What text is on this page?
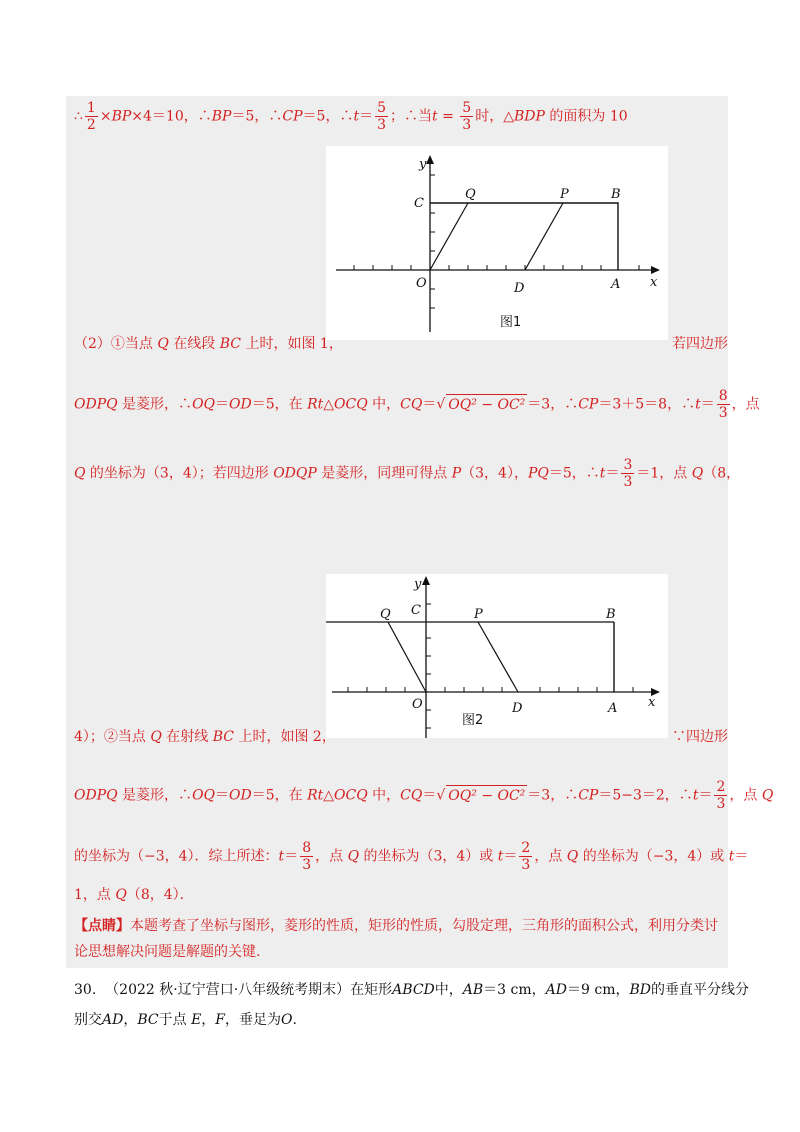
∴ $\frac{1}{2} \times BP\times 4=10$，∴BP＝5，∴CP＝5，∴t＝ $\frac{5}{3}$ ；∴当$t = \frac{5}{3}$ 时，△BDP 的面积为 10
y
x
C
Q	P	B
O	D	A
图1
（2）①当点 Q 在线段 BC 上时，如图 1，	若四边形
ODPQ 是菱形，∴OQ＝OD＝5，在 Rt△OCQ 中，CQ＝√ OQ² − OC² ＝3，∴CP＝3＋5＝8，∴t＝ $\frac{8}{3}$ ，点
Q 的坐标为（3，4）；若四边形 ODQP 是菱形，同理可得点 P（3，4），PQ＝5，∴t＝ $\frac{3}{3} =1$，点 Q（8，
y
x
C
Q	P	B
O	D	A
图2
4）；②当点 Q 在射线 BC 上时，如图 2，	∵四边形
ODPQ 是菱形，∴OQ＝OD＝5，在 Rt△OCQ 中，CQ＝√ OQ² − OC² ＝3，∴CP＝5−3＝2，∴t＝ $\frac{2}{3}$ ，点 Q
的坐标为（−3，4）．综上所述：$t= \frac{8}{3}$ ，点 Q 的坐标为（3，4）或 $t= \frac{2}{3}$ ，点 Q 的坐标为（−3，4）或 t＝
1，点 Q（8，4）．
【点睛】本题考查了坐标与图形，菱形的性质，矩形的性质，勾股定理，三角形的面积公式，利用分类讨
论思想解决问题是解题的关键.
30. （2022 秋·辽宁营口·八年级统考期末）在矩形ABCD中，AB＝3 cm，AD＝9 cm，BD的垂直平分线分
别交AD，BC于点 E，F，垂足为O.
